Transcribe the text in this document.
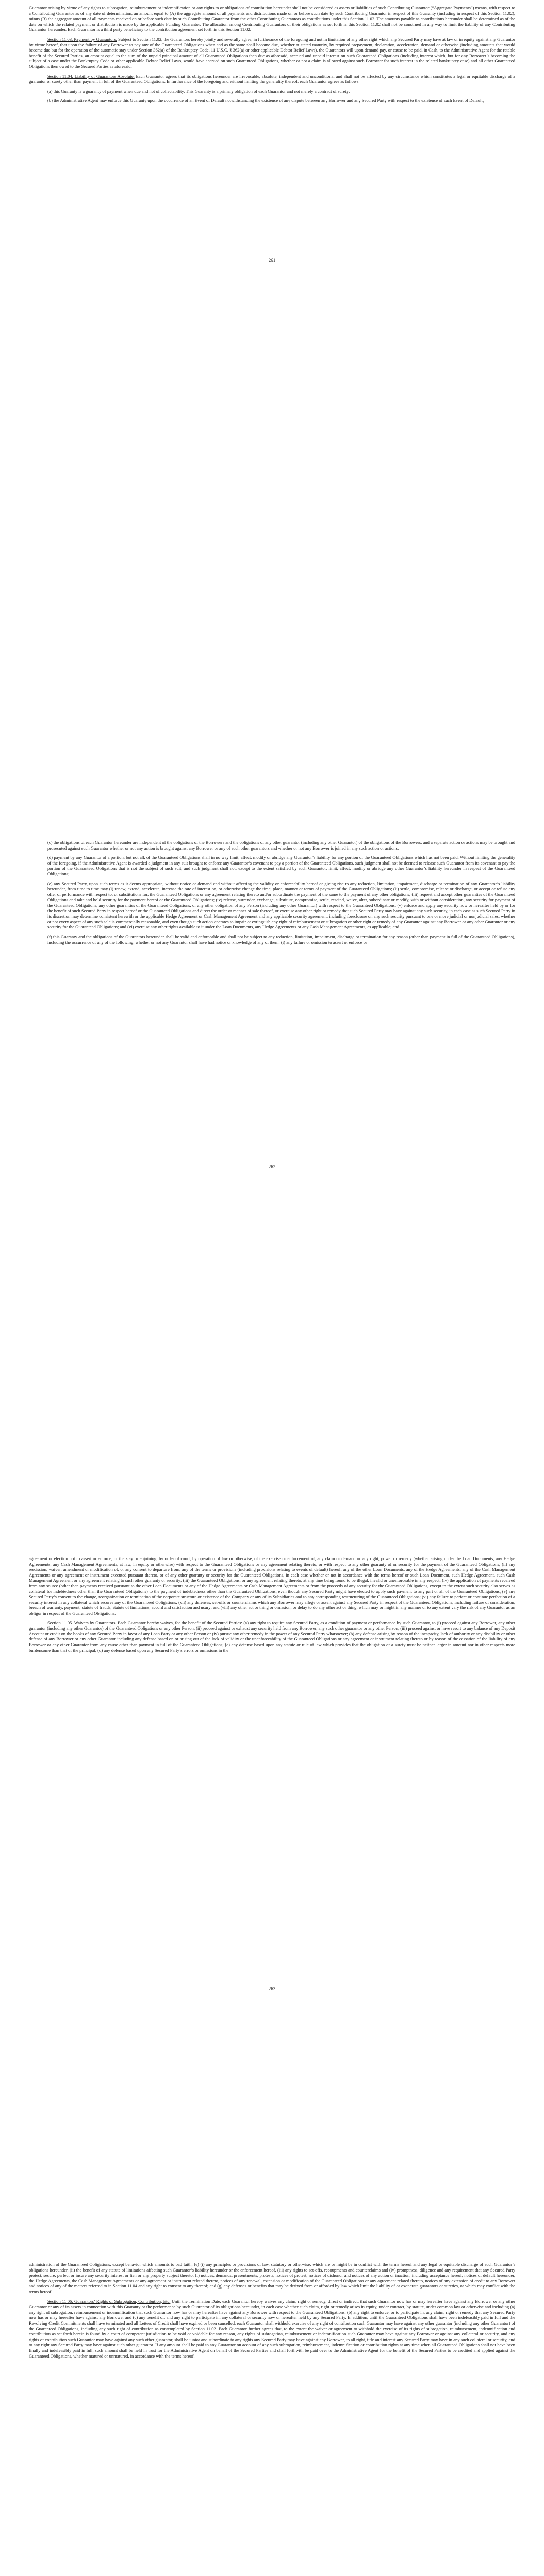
Guarantor arising by virtue of any rights to subrogation, reimbursement or indemnification or any rights to or obligations of contribution hereunder shall not be considered as assets or liabilities of such Contributing Guarantor (“Aggregate Payments”) means, with respect to a Contributing Guarantor as of any date of determination, an amount equal to (A) the aggregate amount of all payments and distributions made on or before such date by such Contributing Guarantor in respect of this Guaranty (including in respect of this Section 11.02), minus (B) the aggregate amount of all payments received on or before such date by such Contributing Guarantor from the other Contributing Guarantors as contributions under this Section 11.02. The amounts payable as contributions hereunder shall be determined as of the date on which the related payment or distribution is made by the applicable Funding Guarantor. The allocation among Contributing Guarantors of their obligations as set forth in this Section 11.02 shall not be construed in any way to limit the liability of any Contributing Guarantor hereunder. Each Guarantor is a third party beneficiary to the contribution agreement set forth in this Section 11.02.

Section 11.03. Payment by Guarantors. Subject to Section 11.02, the Guarantors hereby jointly and severally agree, in furtherance of the foregoing and not in limitation of any other right which any Secured Party may have at law or in equity against any Guarantor by virtue hereof, that upon the failure of any Borrower to pay any of the Guaranteed Obligations when and as the same shall become due, whether at stated maturity, by required prepayment, declaration, acceleration, demand or otherwise (including amounts that would become due but for the operation of the automatic stay under Section 362(a) of the Bankruptcy Code, 11 U.S.C. § 362(a) or other applicable Debtor Relief Laws), the Guarantors will upon demand pay, or cause to be paid, in Cash, to the Administrative Agent for the ratable benefit of the Secured Parties, an amount equal to the sum of the unpaid principal amount of all Guaranteed Obligations then due as aforesaid, accrued and unpaid interest on such Guaranteed Obligations (including interest which, but for any Borrower’s becoming the subject of a case under the Bankruptcy Code or other applicable Debtor Relief Laws, would have accrued on such Guaranteed Obligations, whether or not a claim is allowed against such Borrower for such interest in the related bankruptcy case) and all other Guaranteed Obligations then owed to the Secured Parties as aforesaid.

Section 11.04. Liability of Guarantors Absolute. Each Guarantor agrees that its obligations hereunder are irrevocable, absolute, independent and unconditional and shall not be affected by any circumstance which constitutes a legal or equitable discharge of a guarantor or surety other than payment in full of the Guaranteed Obligations. In furtherance of the foregoing and without limiting the generality thereof, each Guarantor agrees as follows:

(a) this Guaranty is a guaranty of payment when due and not of collectability. This Guaranty is a primary obligation of each Guarantor and not merely a contract of surety;

(b) the Administrative Agent may enforce this Guaranty upon the occurrence of an Event of Default notwithstanding the existence of any dispute between any Borrower and any Secured Party with respect to the existence of such Event of Default;

261

(c) the obligations of each Guarantor hereunder are independent of the obligations of the Borrowers and the obligations of any other guarantor (including any other Guarantor) of the obligations of the Borrowers, and a separate action or actions may be brought and prosecuted against such Guarantor whether or not any action is brought against any Borrower or any of such other guarantors and whether or not any Borrower is joined in any such action or actions;

(d) payment by any Guarantor of a portion, but not all, of the Guaranteed Obligations shall in no way limit, affect, modify or abridge any Guarantor’s liability for any portion of the Guaranteed Obligations which has not been paid. Without limiting the generality of the foregoing, if the Administrative Agent is awarded a judgment in any suit brought to enforce any Guarantor’s covenant to pay a portion of the Guaranteed Obligations, such judgment shall not be deemed to release such Guarantor from its covenant to pay the portion of the Guaranteed Obligations that is not the subject of such suit, and such judgment shall not, except to the extent satisfied by such Guarantor, limit, affect, modify or abridge any other Guarantor’s liability hereunder in respect of the Guaranteed Obligations;

(e) any Secured Party, upon such terms as it deems appropriate, without notice or demand and without affecting the validity or enforceability hereof or giving rise to any reduction, limitation, impairment, discharge or termination of any Guarantor’s liability hereunder, from time to time may (i) renew, extend, accelerate, increase the rate of interest on, or otherwise change the time, place, manner or terms of payment of the Guaranteed Obligations; (ii) settle, compromise, release or discharge, or accept or refuse any offer of performance with respect to, or substitutions for, the Guaranteed Obligations or any agreement relating thereto and/or subordinate the payment of the same to the payment of any other obligations; (iii) request and accept other guaranties of the Guaranteed Obligations and take and hold security for the payment hereof or the Guaranteed Obligations; (iv) release, surrender, exchange, substitute, compromise, settle, rescind, waive, alter, subordinate or modify, with or without consideration, any security for payment of the Guaranteed Obligations, any other guaranties of the Guaranteed Obligations, or any other obligation of any Person (including any other Guarantor) with respect to the Guaranteed Obligations; (v) enforce and apply any security now or hereafter held by or for the benefit of such Secured Party in respect hereof or the Guaranteed Obligations and direct the order or manner of sale thereof, or exercise any other right or remedy that such Secured Party may have against any such security, in each case as such Secured Party in its discretion may determine consistent herewith or the applicable Hedge Agreement or Cash Management Agreement and any applicable security agreement, including foreclosure on any such security pursuant to one or more judicial or nonjudicial sales, whether or not every aspect of any such sale is commercially reasonable, and even though such action operates to impair or extinguish any right of reimbursement or subrogation or other right or remedy of any Guarantor against any Borrower or any other Guarantor or any security for the Guaranteed Obligations; and (vi) exercise any other rights available to it under the Loan Documents, any Hedge Agreements or any Cash Management Agreements, as applicable; and

(f) this Guaranty and the obligations of the Guarantors hereunder shall be valid and enforceable and shall not be subject to any reduction, limitation, impairment, discharge or termination for any reason (other than payment in full of the Guaranteed Obligations), including the occurrence of any of the following, whether or not any Guarantor shall have had notice or knowledge of any of them: (i) any failure or omission to assert or enforce or

262

agreement or election not to assert or enforce, or the stay or enjoining, by order of court, by operation of law or otherwise, of the exercise or enforcement of, any claim or demand or any right, power or remedy (whether arising under the Loan Documents, any Hedge Agreements, any Cash Management Agreements, at law, in equity or otherwise) with respect to the Guaranteed Obligations or any agreement relating thereto, or with respect to any other guaranty of or security for the payment of the Guaranteed Obligations; (ii) any rescission, waiver, amendment or modification of, or any consent to departure from, any of the terms or provisions (including provisions relating to events of default) hereof, any of the other Loan Documents, any of the Hedge Agreements, any of the Cash Management Agreements or any agreement or instrument executed pursuant thereto, or of any other guaranty or security for the Guaranteed Obligations, in each case whether or not in accordance with the terms hereof or such Loan Document, such Hedge Agreement, such Cash Management Agreement or any agreement relating to such other guaranty or security; (iii) the Guaranteed Obligations, or any agreement relating thereto, at any time being found to be illegal, invalid or unenforceable in any respect; (iv) the application of payments received from any source (other than payments received pursuant to the other Loan Documents or any of the Hedge Agreements or Cash Management Agreements or from the proceeds of any security for the Guaranteed Obligations, except to the extent such security also serves as collateral for indebtedness other than the Guaranteed Obligations) to the payment of indebtedness other than the Guaranteed Obligations, even though any Secured Party might have elected to apply such payment to any part or all of the Guaranteed Obligations; (v) any Secured Party’s consent to the change, reorganization or termination of the corporate structure or existence of the Company or any of its Subsidiaries and to any corresponding restructuring of the Guaranteed Obligations; (vi) any failure to perfect or continue perfection of a security interest in any collateral which secures any of the Guaranteed Obligations; (vii) any defenses, set-offs or counterclaims which any Borrower may allege or assert against any Secured Party in respect of the Guaranteed Obligations, including failure of consideration, breach of warranty, payment, statute of frauds, statute of limitations, accord and satisfaction and usury; and (viii) any other act or thing or omission, or delay to do any other act or thing, which may or might in any manner or to any extent vary the risk of any Guarantor as an obligor in respect of the Guaranteed Obligations.

Section 11.05. Waivers by Guarantors. Each Guarantor hereby waives, for the benefit of the Secured Parties: (a) any right to require any Secured Party, as a condition of payment or performance by such Guarantor, to (i) proceed against any Borrower, any other guarantor (including any other Guarantor) of the Guaranteed Obligations or any other Person, (ii) proceed against or exhaust any security held from any Borrower, any such other guarantor or any other Person, (iii) proceed against or have resort to any balance of any Deposit Account or credit on the books of any Secured Party in favor of any Loan Party or any other Person or (iv) pursue any other remedy in the power of any Secured Party whatsoever; (b) any defense arising by reason of the incapacity, lack of authority or any disability or other defense of any Borrower or any other Guarantor including any defense based on or arising out of the lack of validity or the unenforceability of the Guaranteed Obligations or any agreement or instrument relating thereto or by reason of the cessation of the liability of any Borrower or any other Guarantor from any cause other than payment in full of the Guaranteed Obligations; (c) any defense based upon any statute or rule of law which provides that the obligation of a surety must be neither larger in amount nor in other respects more burdensome than that of the principal; (d) any defense based upon any Secured Party’s errors or omissions in the

263

administration of the Guaranteed Obligations, except behavior which amounts to bad faith; (e) (i) any principles or provisions of law, statutory or otherwise, which are or might be in conflict with the terms hereof and any legal or equitable discharge of such Guarantor’s obligations hereunder, (ii) the benefit of any statute of limitations affecting such Guarantor’s liability hereunder or the enforcement hereof, (iii) any rights to set-offs, recoupments and counterclaims and (iv) promptness, diligence and any requirement that any Secured Party protect, secure, perfect or insure any security interest or lien or any property subject thereto; (f) notices, demands, presentments, protests, notices of protest, notices of dishonor and notices of any action or inaction, including acceptance hereof, notices of default hereunder, the Hedge Agreements, the Cash Management Agreements or any agreement or instrument related thereto, notices of any renewal, extension or modification of the Guaranteed Obligations or any agreement related thereto, notices of any extension of credit to any Borrower and notices of any of the matters referred to in Section 11.04 and any right to consent to any thereof; and (g) any defenses or benefits that may be derived from or afforded by law which limit the liability of or exonerate guarantors or sureties, or which may conflict with the terms hereof.

Section 11.06. Guarantors’ Rights of Subrogation, Contribution, Etc. Until the Termination Date, each Guarantor hereby waives any claim, right or remedy, direct or indirect, that such Guarantor now has or may hereafter have against any Borrower or any other Guarantor or any of its assets in connection with this Guaranty or the performance by such Guarantor of its obligations hereunder, in each case whether such claim, right or remedy arises in equity, under contract, by statute, under common law or otherwise and including (a) any right of subrogation, reimbursement or indemnification that such Guarantor now has or may hereafter have against any Borrower with respect to the Guaranteed Obligations, (b) any right to enforce, or to participate in, any claim, right or remedy that any Secured Party now has or may hereafter have against any Borrower and (c) any benefit of, and any right to participate in, any collateral or security now or hereafter held by any Secured Party. In addition, until the Guaranteed Obligations shall have been indefeasibly paid in full and the Revolving Credit Commitments shall have terminated and all Letters of Credit shall have expired or been cancelled, each Guarantor shall withhold exercise of any right of contribution such Guarantor may have against any other guarantor (including any other Guarantor) of the Guaranteed Obligations, including any such right of contribution as contemplated by Section 11.02. Each Guarantor further agrees that, to the extent the waiver or agreement to withhold the exercise of its rights of subrogation, reimbursement, indemnification and contribution as set forth herein is found by a court of competent jurisdiction to be void or voidable for any reason, any rights of subrogation, reimbursement or indemnification such Guarantor may have against any Borrower or against any collateral or security, and any rights of contribution such Guarantor may have against any such other guarantor, shall be junior and subordinate to any rights any Secured Party may have against any Borrower, to all right, title and interest any Secured Party may have in any such collateral or security, and to any right any Secured Party may have against such other guarantor. If any amount shall be paid to any Guarantor on account of any such subrogation, reimbursement, indemnification or contribution rights at any time when all Guaranteed Obligations shall not have been finally and indefeasibly paid in full, such amount shall be held in trust for the Administrative Agent on behalf of the Secured Parties and shall forthwith be paid over to the Administrative Agent for the benefit of the Secured Parties to be credited and applied against the Guaranteed Obligations, whether matured or unmatured, in accordance with the terms hereof.
